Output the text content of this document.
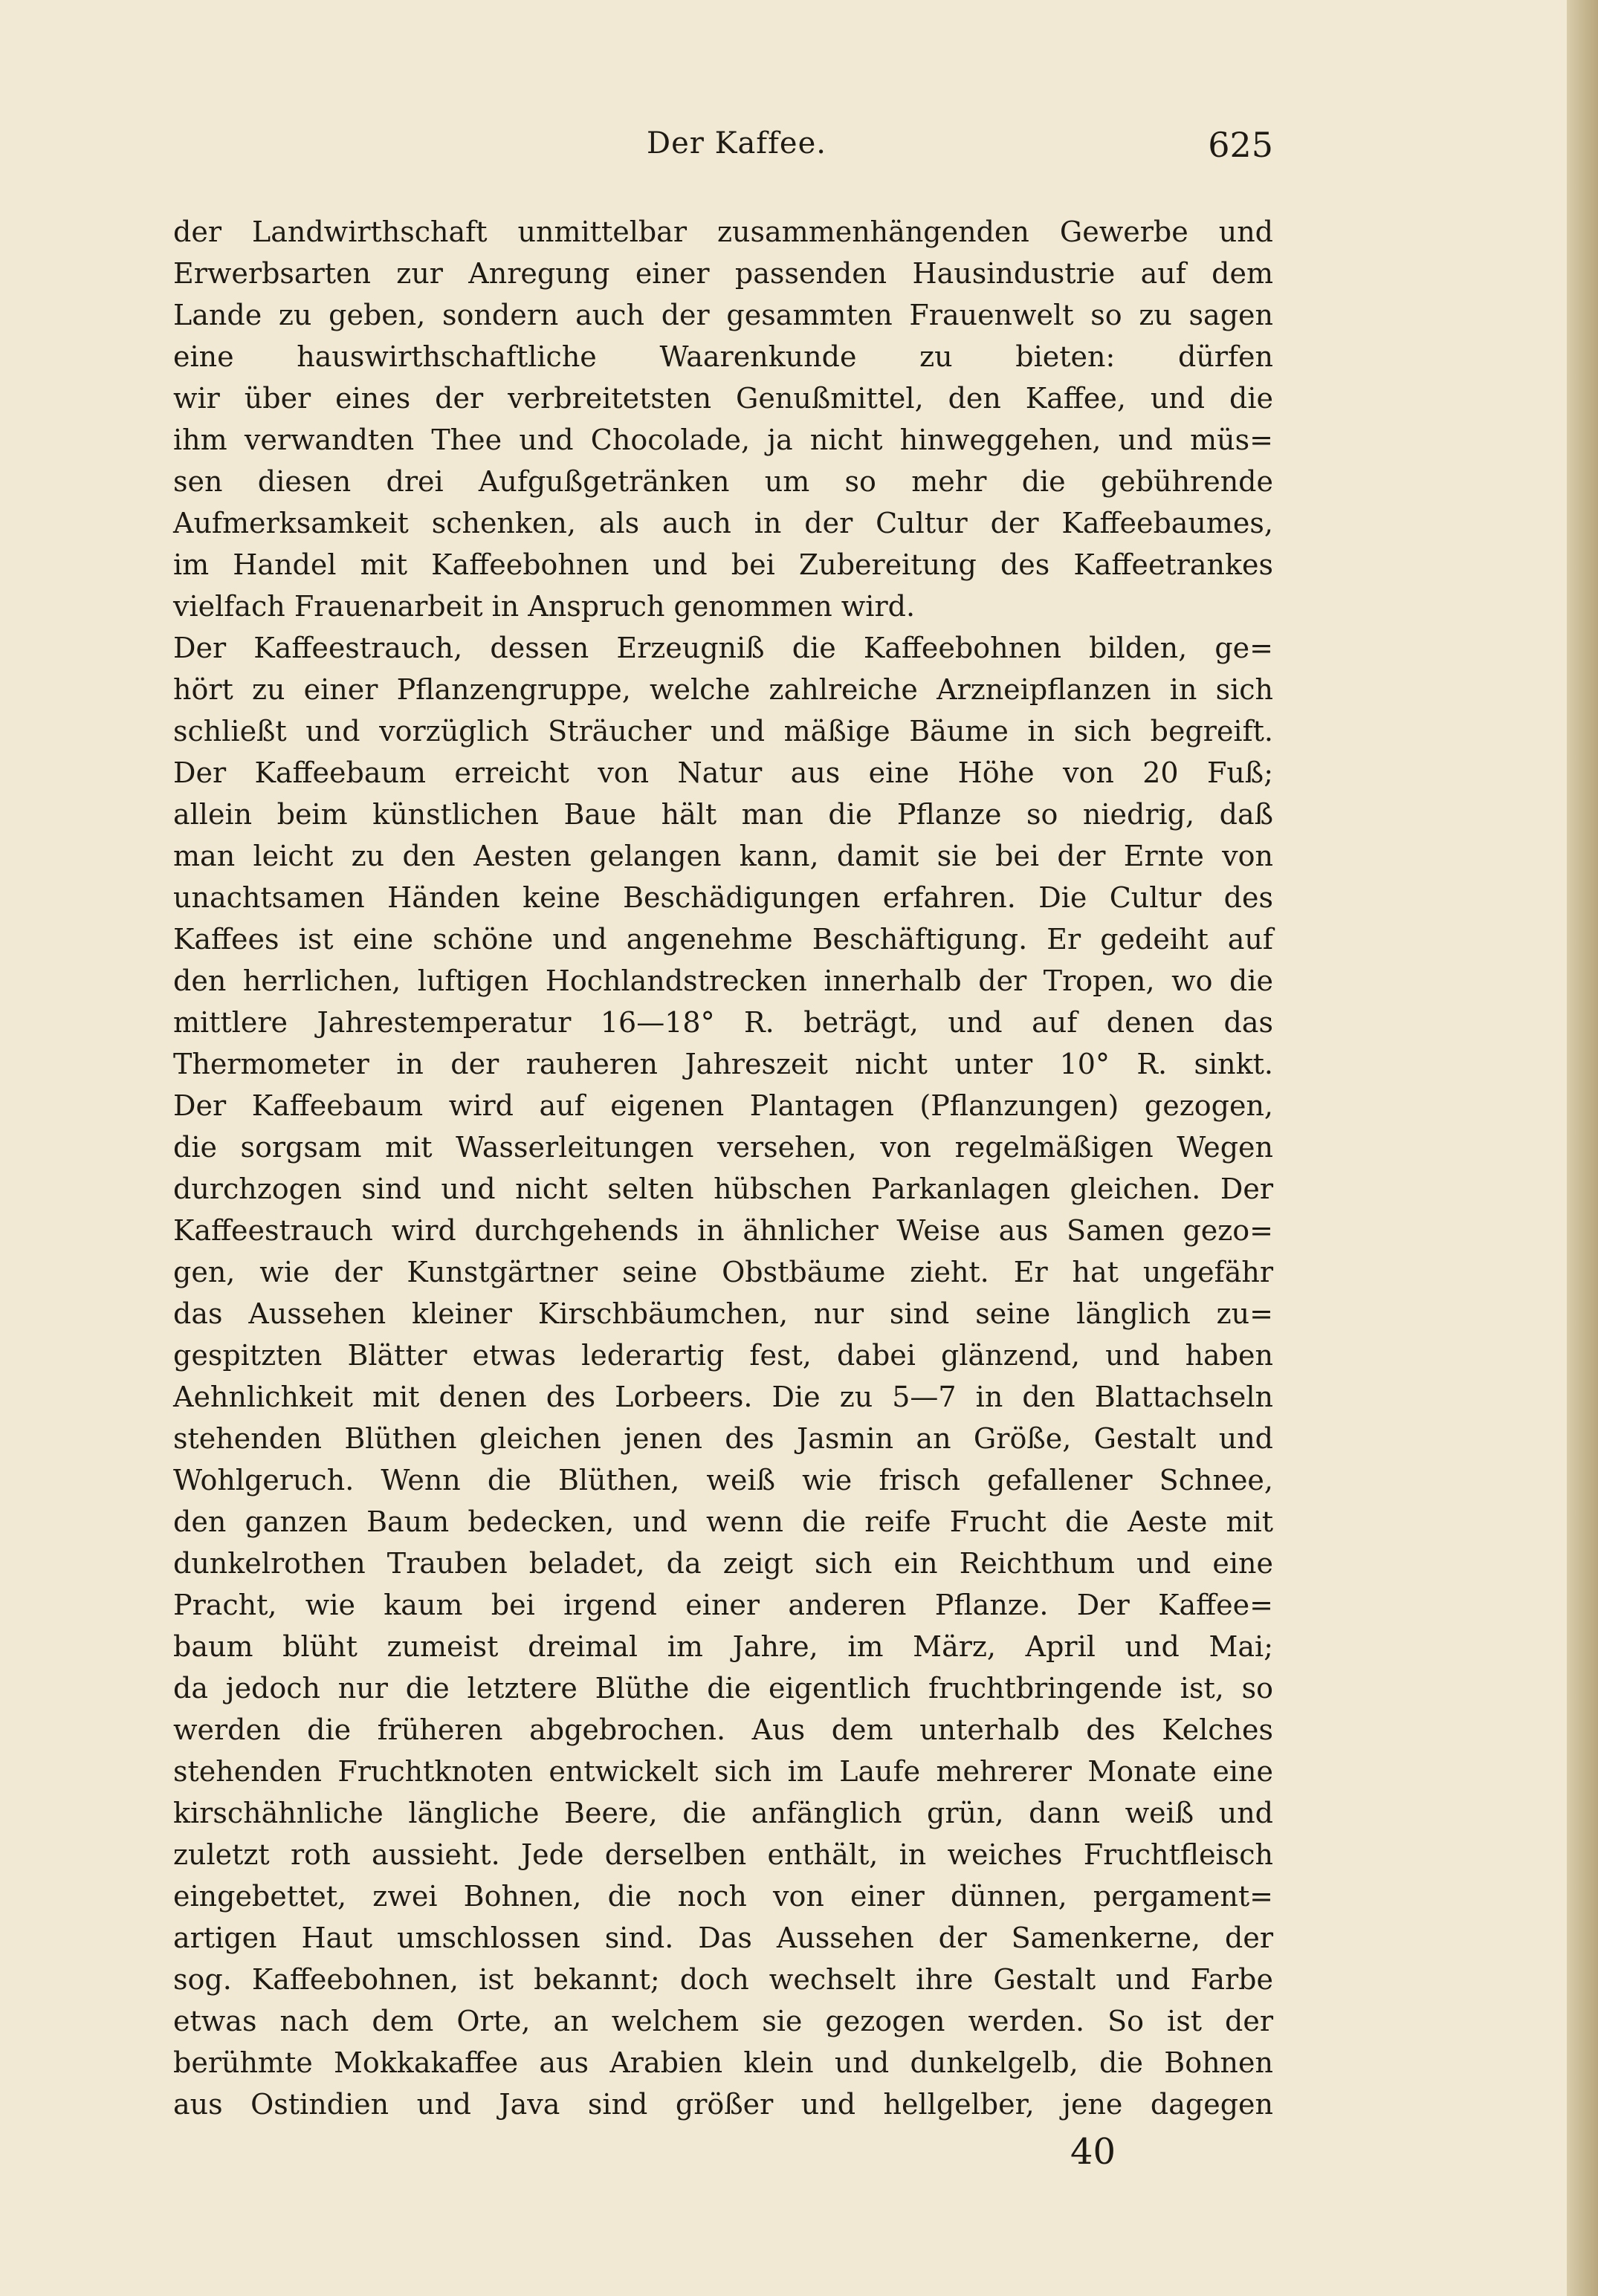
Der Kaffee.	625
der Landwirthschaft unmittelbar zusammenhängenden Gewerbe und
Erwerbsarten zur Anregung einer passenden Hausindustrie auf dem
Lande zu geben, sondern auch der gesammten Frauenwelt so zu sagen
eine hauswirthschaftliche Waarenkunde zu bieten: dürfen
wir über eines der verbreitetsten Genußmittel, den Kaffee, und die
ihm verwandten Thee und Chocolade, ja nicht hinweggehen, und müs=
sen diesen drei Aufgußgetränken um so mehr die gebührende
Aufmerksamkeit schenken, als auch in der Cultur der Kaffeebaumes,
im Handel mit Kaffeebohnen und bei Zubereitung des Kaffeetrankes
vielfach Frauenarbeit in Anspruch genommen wird.
Der Kaffeestrauch, dessen Erzeugniß die Kaffeebohnen bilden, ge=
hört zu einer Pflanzengruppe, welche zahlreiche Arzneipflanzen in sich
schließt und vorzüglich Sträucher und mäßige Bäume in sich begreift.
Der Kaffeebaum erreicht von Natur aus eine Höhe von 20 Fuß;
allein beim künstlichen Baue hält man die Pflanze so niedrig, daß
man leicht zu den Aesten gelangen kann, damit sie bei der Ernte von
unachtsamen Händen keine Beschädigungen erfahren. Die Cultur des
Kaffees ist eine schöne und angenehme Beschäftigung. Er gedeiht auf
den herrlichen, luftigen Hochlandstrecken innerhalb der Tropen, wo die
mittlere Jahrestemperatur 16—18° R. beträgt, und auf denen das
Thermometer in der rauheren Jahreszeit nicht unter 10° R. sinkt.
Der Kaffeebaum wird auf eigenen Plantagen (Pflanzungen) gezogen,
die sorgsam mit Wasserleitungen versehen, von regelmäßigen Wegen
durchzogen sind und nicht selten hübschen Parkanlagen gleichen. Der
Kaffeestrauch wird durchgehends in ähnlicher Weise aus Samen gezo=
gen, wie der Kunstgärtner seine Obstbäume zieht. Er hat ungefähr
das Aussehen kleiner Kirschbäumchen, nur sind seine länglich zu=
gespitzten Blätter etwas lederartig fest, dabei glänzend, und haben
Aehnlichkeit mit denen des Lorbeers. Die zu 5—7 in den Blattachseln
stehenden Blüthen gleichen jenen des Jasmin an Größe, Gestalt und
Wohlgeruch. Wenn die Blüthen, weiß wie frisch gefallener Schnee,
den ganzen Baum bedecken, und wenn die reife Frucht die Aeste mit
dunkelrothen Trauben beladet, da zeigt sich ein Reichthum und eine
Pracht, wie kaum bei irgend einer anderen Pflanze. Der Kaffee=
baum blüht zumeist dreimal im Jahre, im März, April und Mai;
da jedoch nur die letztere Blüthe die eigentlich fruchtbringende ist, so
werden die früheren abgebrochen. Aus dem unterhalb des Kelches
stehenden Fruchtknoten entwickelt sich im Laufe mehrerer Monate eine
kirschähnliche längliche Beere, die anfänglich grün, dann weiß und
zuletzt roth aussieht. Jede derselben enthält, in weiches Fruchtfleisch
eingebettet, zwei Bohnen, die noch von einer dünnen, pergament=
artigen Haut umschlossen sind. Das Aussehen der Samenkerne, der
sog. Kaffeebohnen, ist bekannt; doch wechselt ihre Gestalt und Farbe
etwas nach dem Orte, an welchem sie gezogen werden. So ist der
berühmte Mokkakaffee aus Arabien klein und dunkelgelb, die Bohnen
aus Ostindien und Java sind größer und hellgelber, jene dagegen
40
